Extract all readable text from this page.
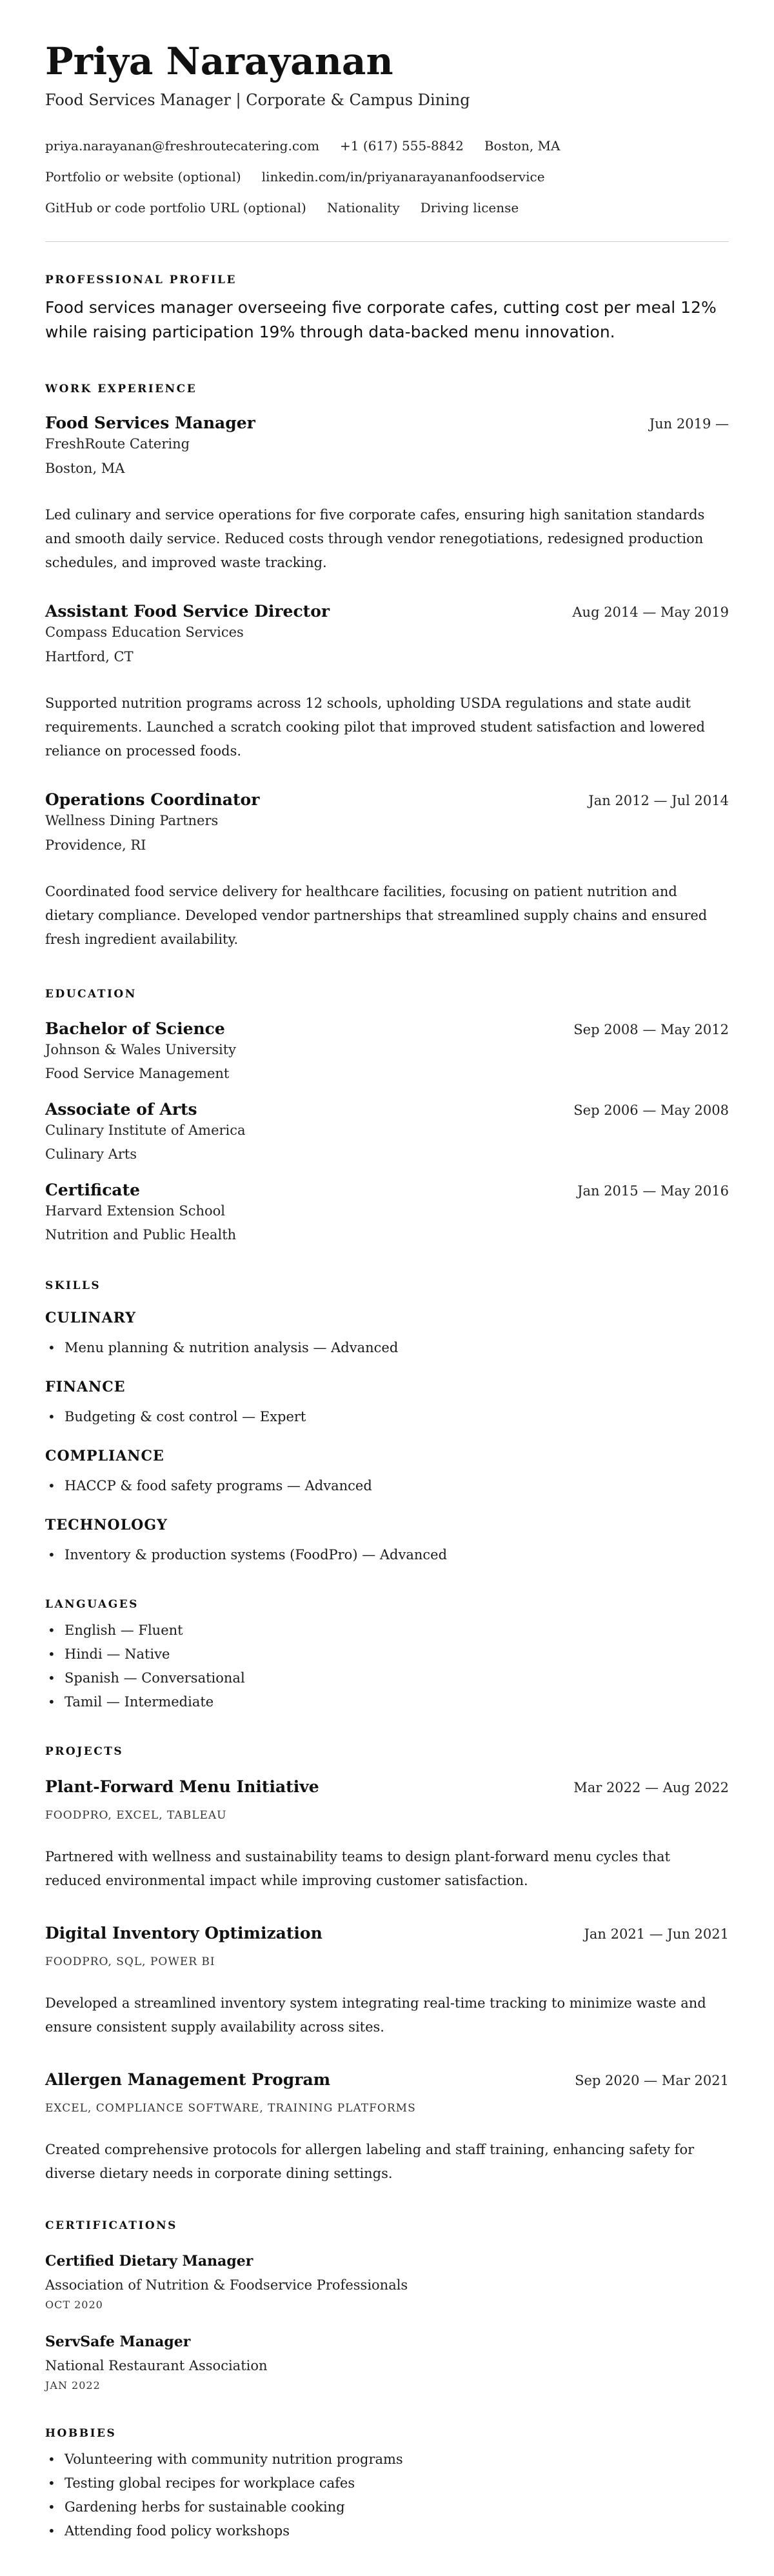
Priya Narayanan
Food Services Manager | Corporate & Campus Dining
priya.narayanan@freshroutecatering.com +1 (617) 555-8842 Boston, MA
Portfolio or website (optional) linkedin.com/in/priyanarayananfoodservice
GitHub or code portfolio URL (optional) Nationality Driving license
PROFESSIONAL PROFILE
Food services manager overseeing five corporate cafes, cutting cost per meal 12% while raising participation 19% through data-backed menu innovation.
WORK EXPERIENCE
Food Services Manager	Jun 2019 —
FreshRoute Catering
Boston, MA
Led culinary and service operations for five corporate cafes, ensuring high sanitation standards and smooth daily service. Reduced costs through vendor renegotiations, redesigned production schedules, and improved waste tracking.
Assistant Food Service Director	Aug 2014 — May 2019
Compass Education Services
Hartford, CT
Supported nutrition programs across 12 schools, upholding USDA regulations and state audit requirements. Launched a scratch cooking pilot that improved student satisfaction and lowered reliance on processed foods.
Operations Coordinator	Jan 2012 — Jul 2014
Wellness Dining Partners
Providence, RI
Coordinated food service delivery for healthcare facilities, focusing on patient nutrition and dietary compliance. Developed vendor partnerships that streamlined supply chains and ensured fresh ingredient availability.
EDUCATION
Bachelor of Science	Sep 2008 — May 2012
Johnson & Wales University
Food Service Management
Associate of Arts	Sep 2006 — May 2008
Culinary Institute of America
Culinary Arts
Certificate	Jan 2015 — May 2016
Harvard Extension School
Nutrition and Public Health
SKILLS
CULINARY
• Menu planning & nutrition analysis — Advanced
FINANCE
• Budgeting & cost control — Expert
COMPLIANCE
• HACCP & food safety programs — Advanced
TECHNOLOGY
• Inventory & production systems (FoodPro) — Advanced
LANGUAGES
• English — Fluent
• Hindi — Native
• Spanish — Conversational
• Tamil — Intermediate
PROJECTS
Plant-Forward Menu Initiative	Mar 2022 — Aug 2022
FOODPRO, EXCEL, TABLEAU
Partnered with wellness and sustainability teams to design plant-forward menu cycles that reduced environmental impact while improving customer satisfaction.
Digital Inventory Optimization	Jan 2021 — Jun 2021
FOODPRO, SQL, POWER BI
Developed a streamlined inventory system integrating real-time tracking to minimize waste and ensure consistent supply availability across sites.
Allergen Management Program	Sep 2020 — Mar 2021
EXCEL, COMPLIANCE SOFTWARE, TRAINING PLATFORMS
Created comprehensive protocols for allergen labeling and staff training, enhancing safety for diverse dietary needs in corporate dining settings.
CERTIFICATIONS
Certified Dietary Manager
Association of Nutrition & Foodservice Professionals
OCT 2020
ServSafe Manager
National Restaurant Association
JAN 2022
HOBBIES
• Volunteering with community nutrition programs
• Testing global recipes for workplace cafes
• Gardening herbs for sustainable cooking
• Attending food policy workshops
